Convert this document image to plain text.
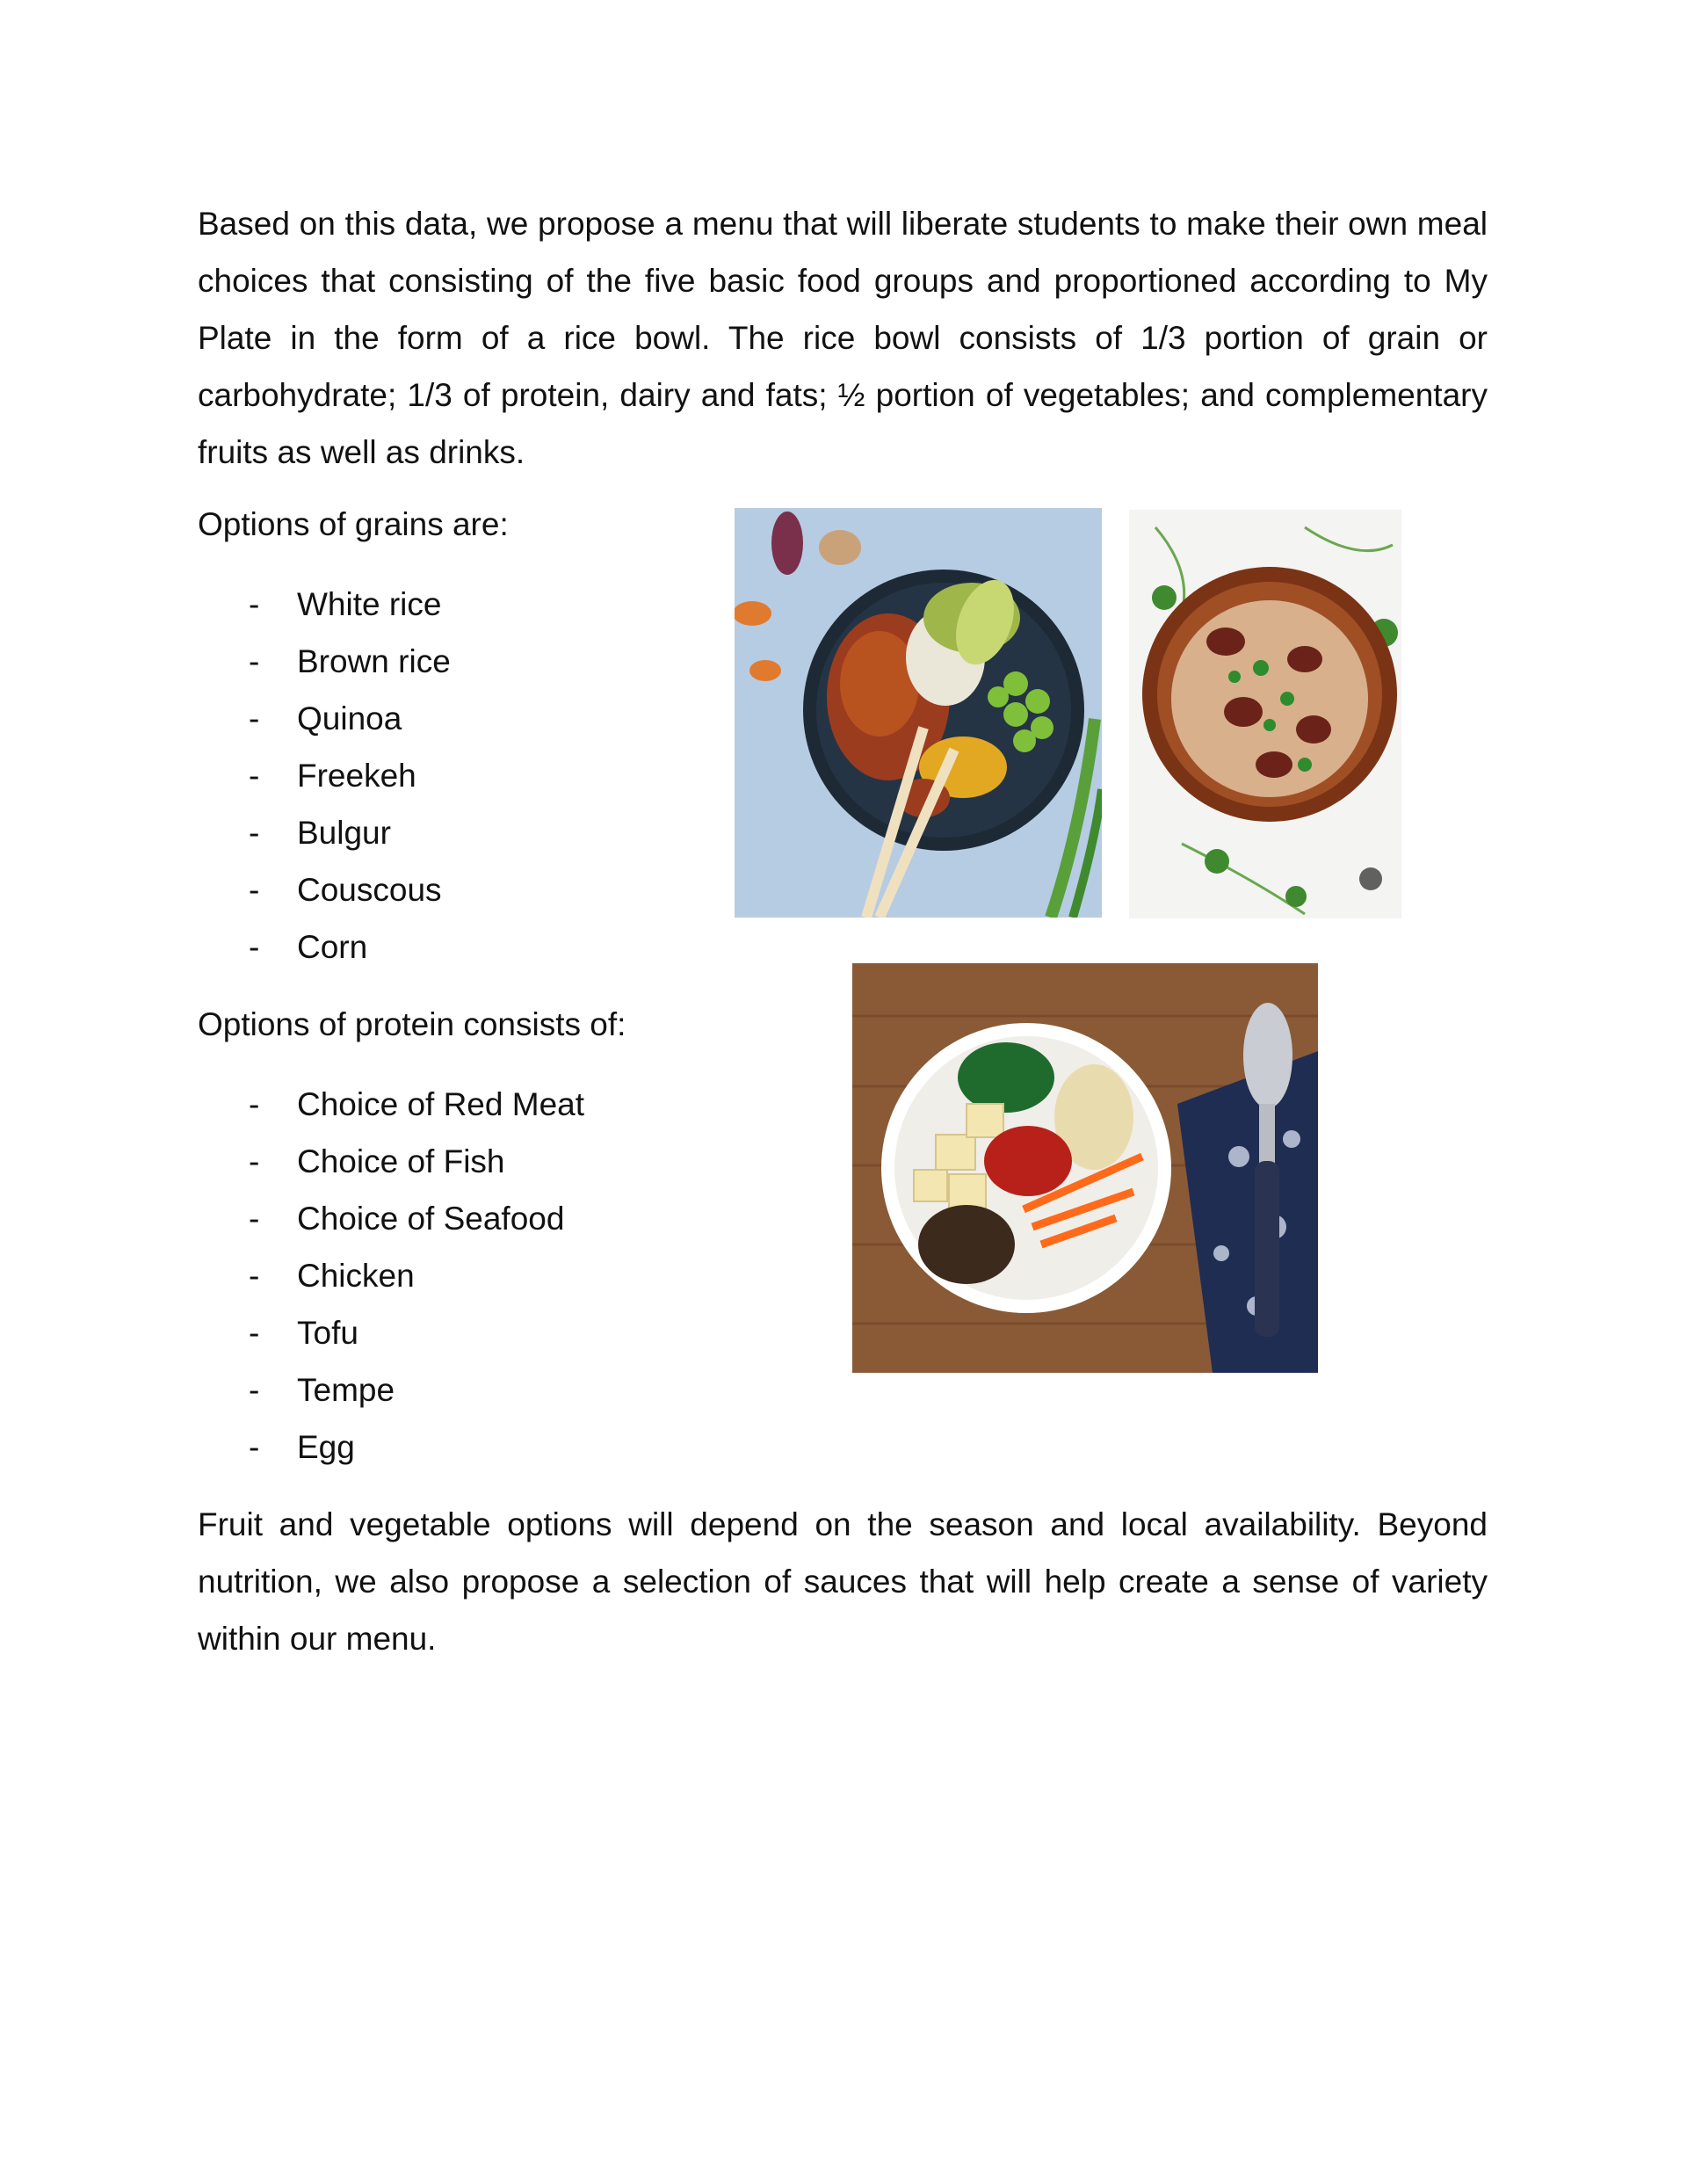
Based on this data, we propose a menu that will liberate students to make their own meal choices that consisting of the five basic food groups and proportioned according to My Plate in the form of a rice bowl. The rice bowl consists of 1/3 portion of grain or carbohydrate; 1/3 of protein, dairy and fats; ½ portion of vegetables; and complementary fruits as well as drinks.

Options of grains are:

- White rice
- Brown rice
- Quinoa
- Freekeh
- Bulgur
- Couscous
- Corn

Options of protein consists of:

- Choice of Red Meat
- Choice of Fish
- Choice of Seafood
- Chicken
- Tofu
- Tempe
- Egg

Fruit and vegetable options will depend on the season and local availability. Beyond nutrition, we also propose a selection of sauces that will help create a sense of variety within our menu.
